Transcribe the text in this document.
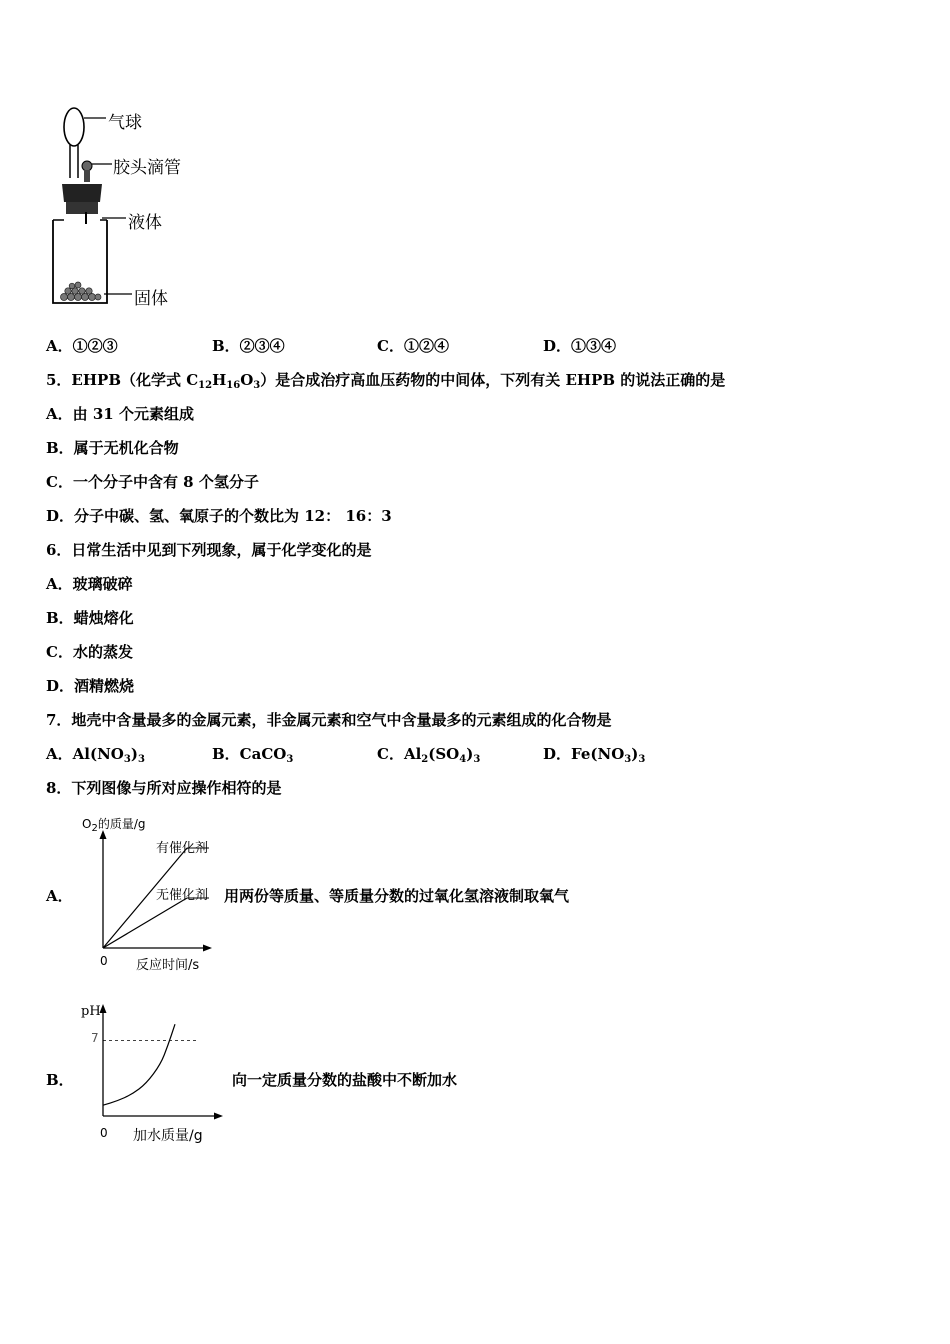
气球
胶头滴管
液体
固体
A．①②③	B．②③④	C．①②④	D．①③④
5．EHPB（化学式 $C_{12}H_{16}O_3$）是合成治疗高血压药物的中间体，下列有关 EHPB 的说法正确的是
A．由 31 个元素组成
B．属于无机化合物
C．一个分子中含有 8 个氢分子
D．分子中碳、氢、氧原子的个数比为 12： 16：3
6．日常生活中见到下列现象，属于化学变化的是
A．玻璃破碎
B．蜡烛熔化
C．水的蒸发
D．酒精燃烧
7．地壳中含量最多的金属元素，非金属元素和空气中含量最多的元素组成的化合物是
A．$Al(NO_3)_3$	B．CaCO$_3$	C．$Al_2(SO_4)_3$	D．$Fe(NO_3)_3$
8．下列图像与所对应操作相符的是
A．
$O_2$的质量/g
有催化剂
无催化剂
0 反应时间/s
用两份等质量、等质量分数的过氧化氢溶液制取氧气
B．
pH
7
0 加水质量/g
向一定质量分数的盐酸中不断加水
